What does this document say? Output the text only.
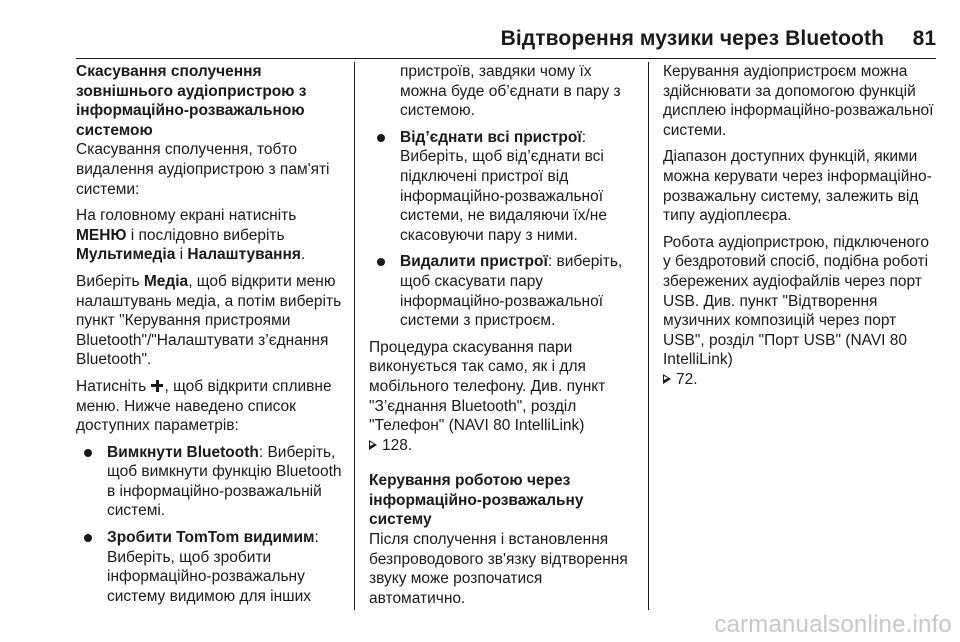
Відтворення музики через Bluetooth 81

Скасування сполучення зовнішнього аудіопристрою з інформаційно-розважальною системою

Скасування сполучення, тобто видалення аудіопристрою з пам'яті системи:

На головному екрані натисніть МЕНЮ і послідовно виберіть Мультимедіа і Налаштування.

Виберіть Медіа, щоб відкрити меню налаштувань медіа, а потім виберіть пункт "Керування пристроями Bluetooth"/"Налаштувати з’єднання Bluetooth".

Натисніть , щоб відкрити спливне меню. Нижче наведено список доступних параметрів:

Вимкнути Bluetooth: Виберіть, щоб вимкнути функцію Bluetooth в інформаційно-розважальній системі.
Зробити TomTom видимим: Виберіть, щоб зробити інформаційно-розважальну систему видимою для інших

пристроїв, завдяки чому їх можна буде об’єднати в пару з системою.

Від’єднати всі пристрої: Виберіть, щоб від’єднати всі підключені пристрої від інформаційно-розважальної системи, не видаляючи їх/не скасовуючи пару з ними.
Видалити пристрої: виберіть, щоб скасувати пару інформаційно-розважальної системи з пристроєм.

Процедура скасування пари виконується так само, як і для мобільного телефону. Див. пункт "З’єднання Bluetooth", розділ "Телефон" (NAVI 80 IntelliLink)
128.

Керування роботою через інформаційно-розважальну систему

Після сполучення і встановлення безпроводового зв'язку відтворення звуку може розпочатися автоматично.

Керування аудіопристроєм можна здійснювати за допомогою функцій дисплею інформаційно-розважальної системи.

Діапазон доступних функцій, якими можна керувати через інформаційно-розважальну систему, залежить від типу аудіоплеєра.

Робота аудіопристрою, підключеного у бездротовий спосіб, подібна роботі збережених аудіофайлів через порт USB. Див. пункт "Відтворення музичних композицій через порт USB", розділ "Порт USB" (NAVI 80 IntelliLink)
72.

carmanualsonline.info
